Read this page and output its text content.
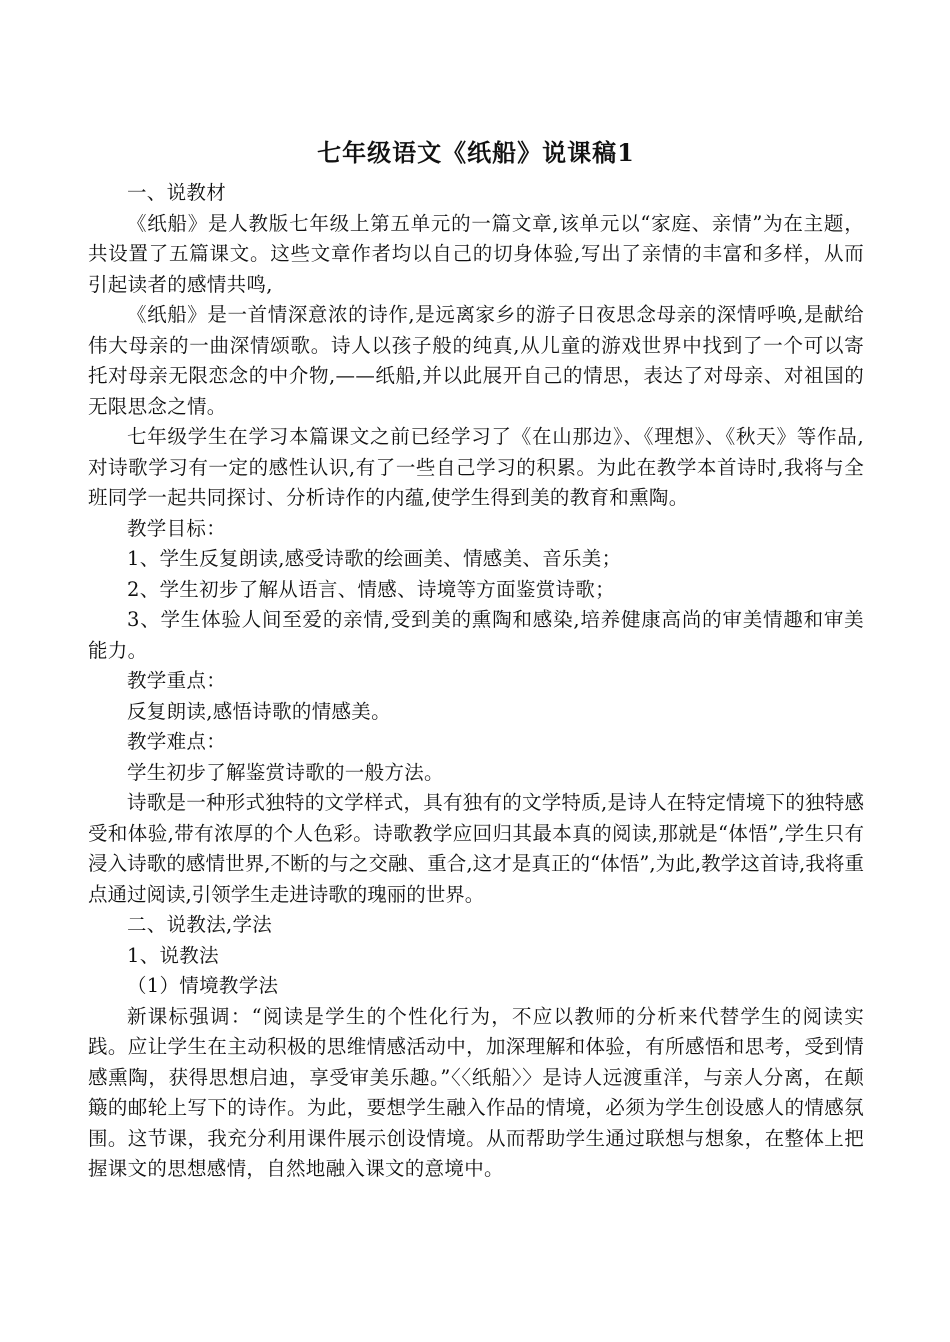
七年级语文《纸船》说课稿1

一、说教材

《纸船》是人教版七年级上第五单元的一篇文章,该单元以“家庭、亲情”为在主题，共设置了五篇课文。这些文章作者均以自己的切身体验,写出了亲情的丰富和多样，从而引起读者的感情共鸣,

《纸船》是一首情深意浓的诗作,是远离家乡的游子日夜思念母亲的深情呼唤,是献给伟大母亲的一曲深情颂歌。诗人以孩子般的纯真,从儿童的游戏世界中找到了一个可以寄托对母亲无限恋念的中介物,——纸船,并以此展开自己的情思，表达了对母亲、对祖国的无限思念之情。

七年级学生在学习本篇课文之前已经学习了《在山那边》、《理想》、《秋天》等作品,对诗歌学习有一定的感性认识,有了一些自己学习的积累。为此在教学本首诗时,我将与全班同学一起共同探讨、分析诗作的内蕴,使学生得到美的教育和熏陶。

教学目标：

1、学生反复朗读,感受诗歌的绘画美、情感美、音乐美；

2、学生初步了解从语言、情感、诗境等方面鉴赏诗歌；

3、学生体验人间至爱的亲情,受到美的熏陶和感染,培养健康高尚的审美情趣和审美能力。

教学重点：

反复朗读,感悟诗歌的情感美。

教学难点：

学生初步了解鉴赏诗歌的一般方法。

诗歌是一种形式独特的文学样式，具有独有的文学特质,是诗人在特定情境下的独特感受和体验,带有浓厚的个人色彩。诗歌教学应回归其最本真的阅读,那就是“体悟”,学生只有浸入诗歌的感情世界,不断的与之交融、重合,这才是真正的“体悟”,为此,教学这首诗,我将重点通过阅读,引领学生走进诗歌的瑰丽的世界。

二、说教法,学法

1、说教法

（1）情境教学法

新课标强调：“阅读是学生的个性化行为，不应以教师的分析来代替学生的阅读实践。应让学生在主动积极的思维情感活动中，加深理解和体验，有所感悟和思考，受到情感熏陶，获得思想启迪，享受审美乐趣。”〈〈纸船〉〉是诗人远渡重洋，与亲人分离，在颠簸的邮轮上写下的诗作。为此，要想学生融入作品的情境，必须为学生创设感人的情感氛围。这节课，我充分利用课件展示创设情境。从而帮助学生通过联想与想象，在整体上把握课文的思想感情，自然地融入课文的意境中。
